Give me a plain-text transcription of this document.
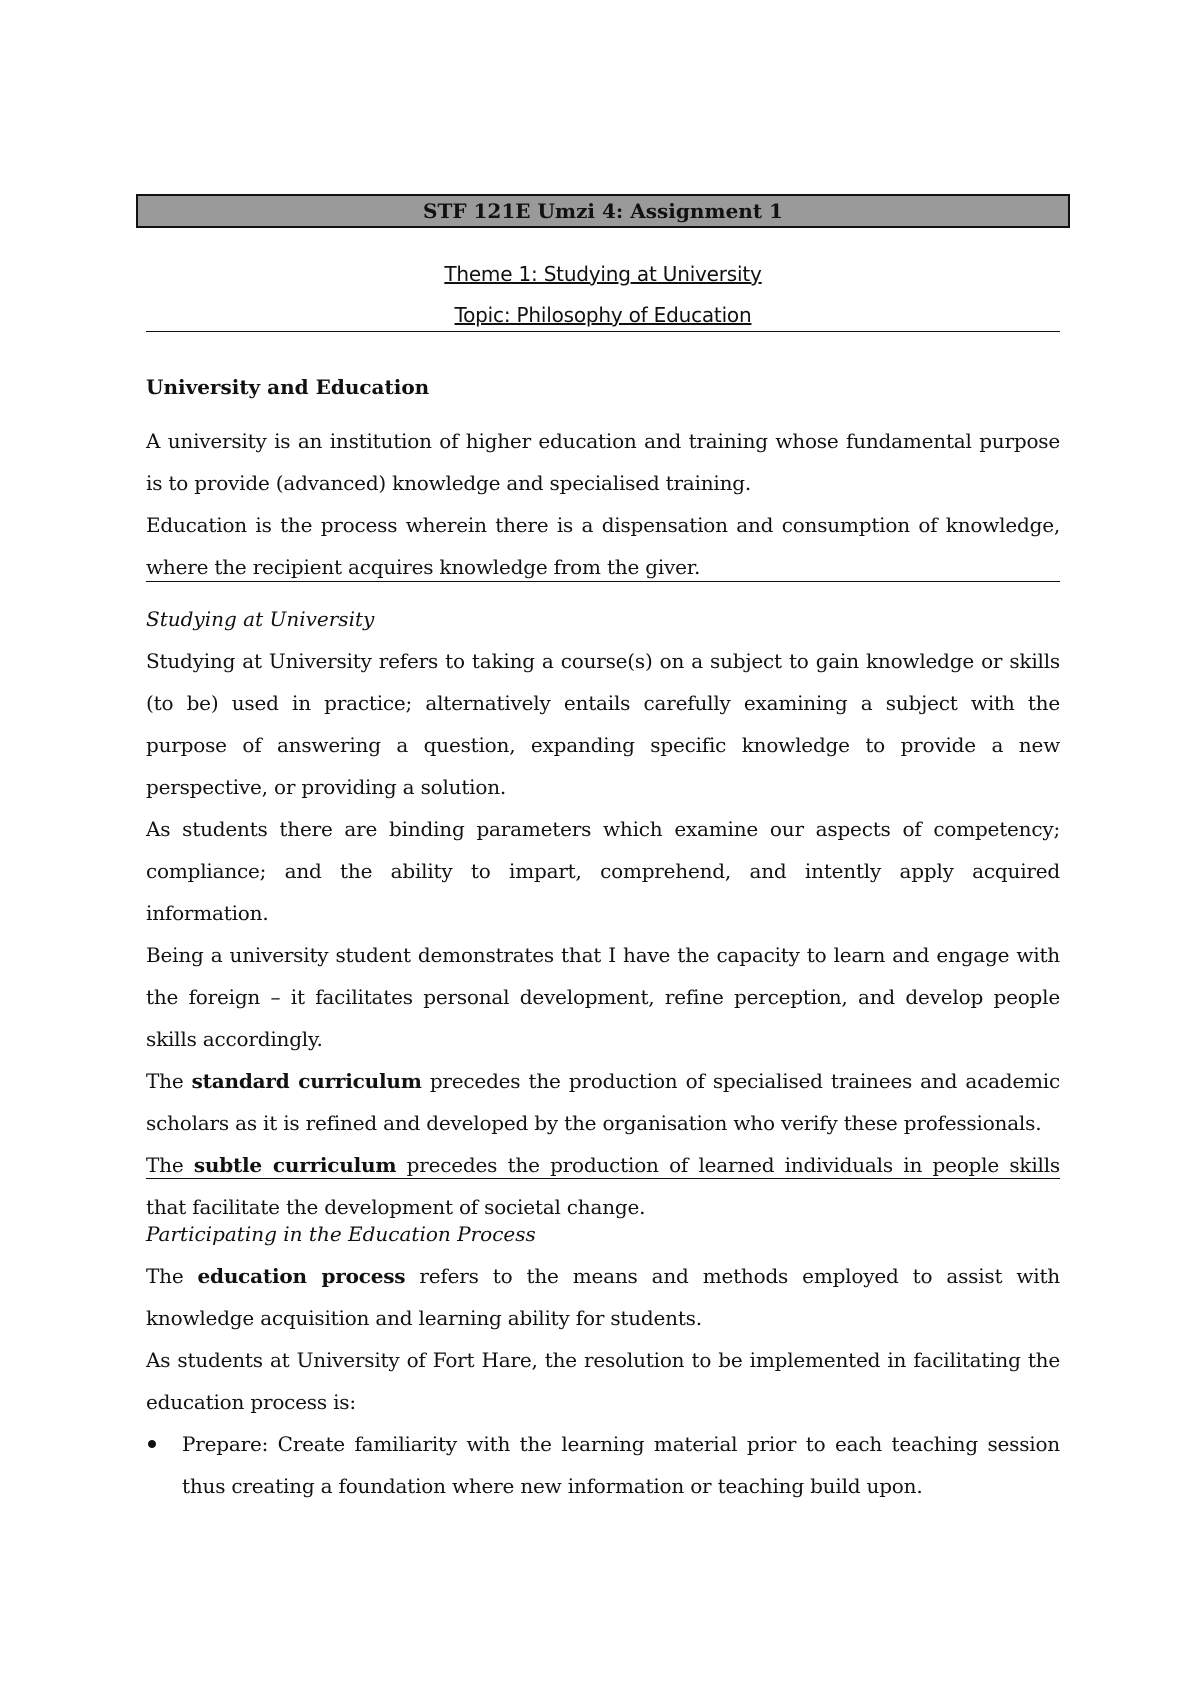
STF 121E Umzi 4: Assignment 1
Theme 1: Studying at University
Topic: Philosophy of Education

University and Education

A university is an institution of higher education and training whose fundamental purpose is to provide (advanced) knowledge and specialised training.

Education is the process wherein there is a dispensation and consumption of knowledge, where the recipient acquires knowledge from the giver.

Studying at University

Studying at University refers to taking a course(s) on a subject to gain knowledge or skills (to be) used in practice; alternatively entails carefully examining a subject with the purpose of answering a question, expanding specific knowledge to provide a new perspective, or providing a solution.

As students there are binding parameters which examine our aspects of competency; compliance; and the ability to impart, comprehend, and intently apply acquired information.

Being a university student demonstrates that I have the capacity to learn and engage with the foreign – it facilitates personal development, refine perception, and develop people skills accordingly.

The standard curriculum precedes the production of specialised trainees and academic scholars as it is refined and developed by the organisation who verify these professionals.

The subtle curriculum precedes the production of learned individuals in people skills that facilitate the development of societal change.

Participating in the Education Process

The education process refers to the means and methods employed to assist with knowledge acquisition and learning ability for students.

As students at University of Fort Hare, the resolution to be implemented in facilitating the education process is:

Prepare: Create familiarity with the learning material prior to each teaching session thus creating a foundation where new information or teaching build upon.
